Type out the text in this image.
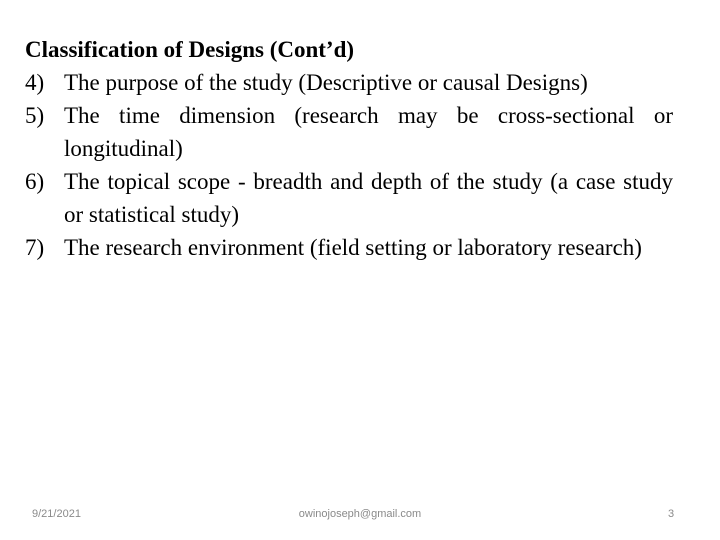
Classification of Designs (Cont’d)
4) The purpose of the study (Descriptive or causal Designs)
5) The time dimension (research may be cross-sectional or longitudinal)
6) The topical scope - breadth and depth of the study (a case study or statistical study)
7) The research environment (field setting or laboratory research)
9/21/2021	owinojoseph@gmail.com	3
